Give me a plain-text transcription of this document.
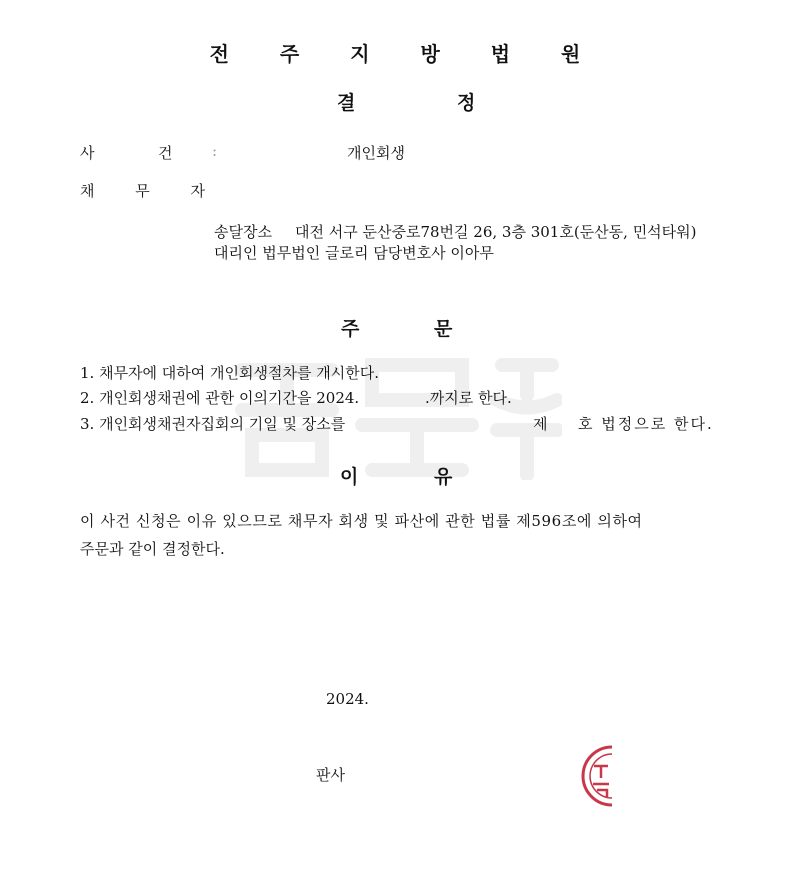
전 주 지 방 법 원
결	정
사	건	:	개인회생
채 무 자
송달장소 대전 서구 둔산중로78번길 26, 3층 301호(둔산동, 민석타워)
대리인 법무법인 글로리 담당변호사 이아무
주	문
1. 채무자에 대하여 개인회생절차를 개시한다.
2. 개인회생채권에 관한 이의기간을 2024.	.까지로 한다.
3. 개인회생채권자집회의 기일 및 장소를	제 호 법정으로 한다.
이	유
이 사건 신청은 이유 있으므로 채무자 회생 및 파산에 관한 법률 제596조에 의하여
주문과 같이 결정한다.
2024.
판사
